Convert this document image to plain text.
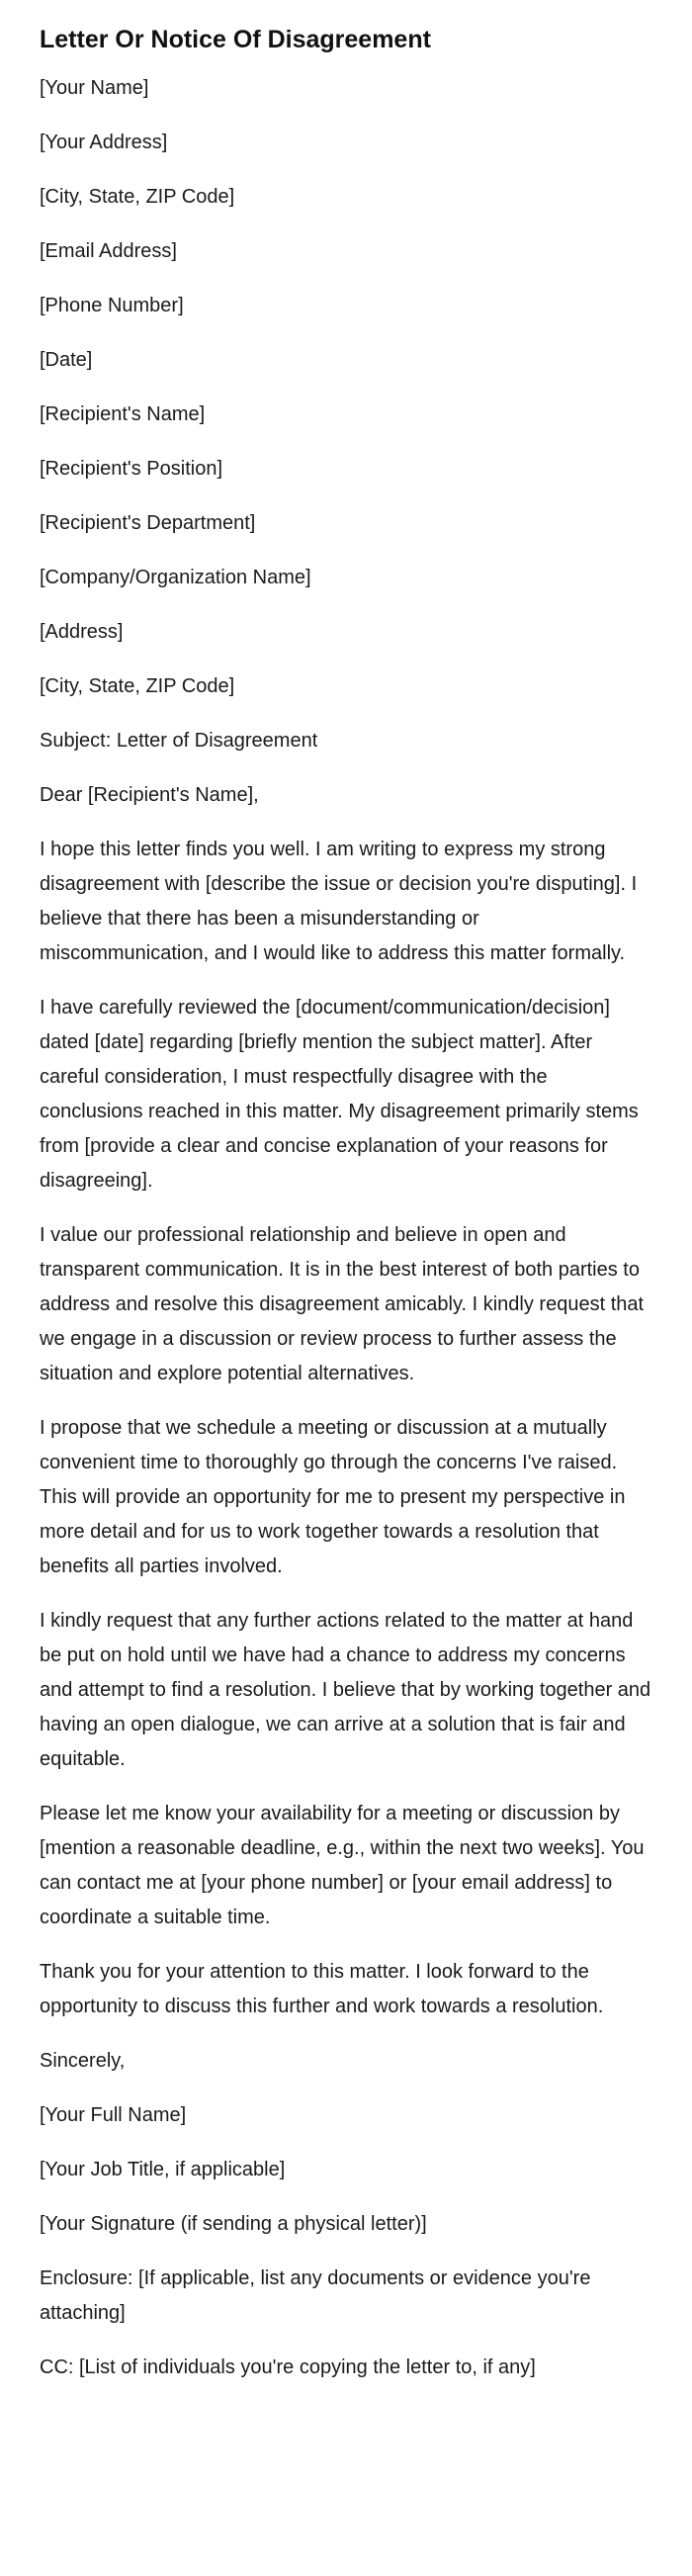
Letter Or Notice Of Disagreement
[Your Name]
[Your Address]
[City, State, ZIP Code]
[Email Address]
[Phone Number]
[Date]
[Recipient's Name]
[Recipient's Position]
[Recipient's Department]
[Company/Organization Name]
[Address]
[City, State, ZIP Code]
Subject: Letter of Disagreement
Dear [Recipient's Name],

I hope this letter finds you well. I am writing to express my strong disagreement with [describe the issue or decision you're disputing]. I believe that there has been a misunderstanding or miscommunication, and I would like to address this matter formally.

I have carefully reviewed the [document/communication/decision] dated [date] regarding [briefly mention the subject matter]. After careful consideration, I must respectfully disagree with the conclusions reached in this matter. My disagreement primarily stems from [provide a clear and concise explanation of your reasons for disagreeing].

I value our professional relationship and believe in open and transparent communication. It is in the best interest of both parties to address and resolve this disagreement amicably. I kindly request that we engage in a discussion or review process to further assess the situation and explore potential alternatives.

I propose that we schedule a meeting or discussion at a mutually convenient time to thoroughly go through the concerns I've raised. This will provide an opportunity for me to present my perspective in more detail and for us to work together towards a resolution that benefits all parties involved.

I kindly request that any further actions related to the matter at hand be put on hold until we have had a chance to address my concerns and attempt to find a resolution. I believe that by working together and having an open dialogue, we can arrive at a solution that is fair and equitable.

Please let me know your availability for a meeting or discussion by [mention a reasonable deadline, e.g., within the next two weeks]. You can contact me at [your phone number] or [your email address] to coordinate a suitable time.

Thank you for your attention to this matter. I look forward to the opportunity to discuss this further and work towards a resolution.

Sincerely,
[Your Full Name]
[Your Job Title, if applicable]
[Your Signature (if sending a physical letter)]

Enclosure: [If applicable, list any documents or evidence you're attaching]

CC: [List of individuals you're copying the letter to, if any]
